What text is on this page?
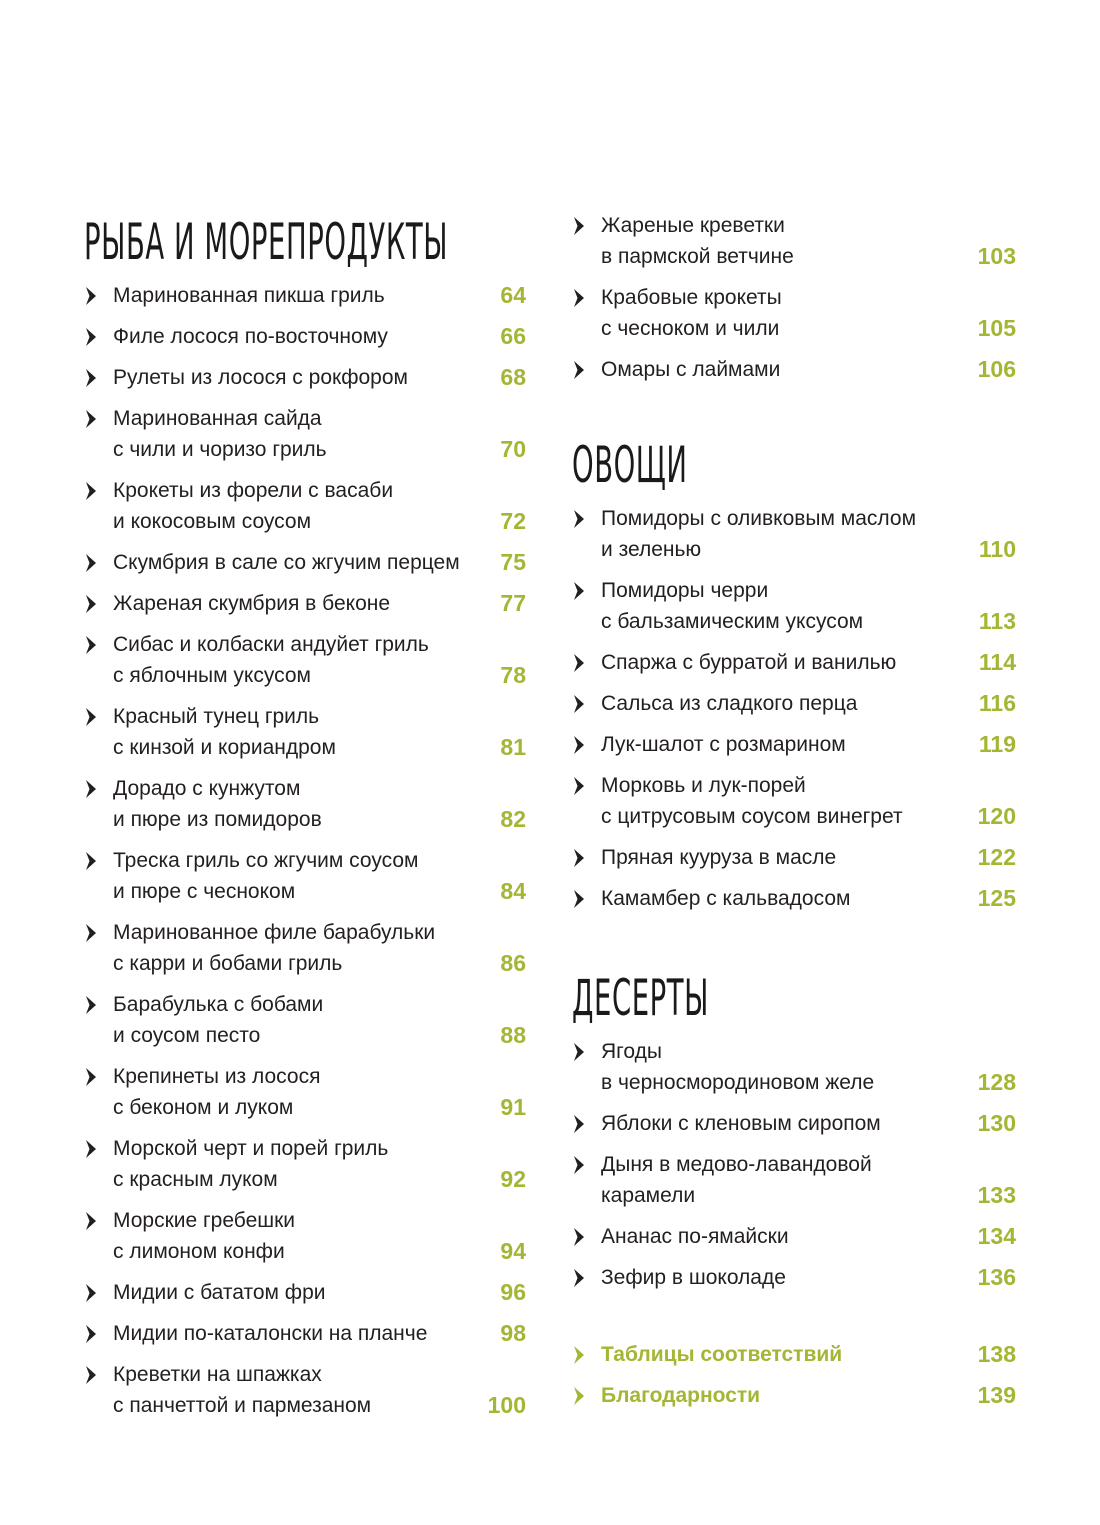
РЫБА И МОРЕПРОДУКТЫ
Маринованная пикша гриль	64
Филе лосося по-восточному	66
Рулеты из лосося с рокфором	68
Маринованная сайда
с чили и чоризо гриль	70
Крокеты из форели с васаби
и кокосовым соусом	72
Скумбрия в сале со жгучим перцем	75
Жареная скумбрия в беконе	77
Сибас и колбаски андуйет гриль
с яблочным уксусом	78
Красный тунец гриль
с кинзой и кориандром	81
Дорадо с кунжутом
и пюре из помидоров	82
Треска гриль со жгучим соусом
и пюре с чесноком	84
Маринованное филе барабульки
с карри и бобами гриль	86
Барабулька с бобами
и соусом песто	88
Крепинеты из лосося
с беконом и луком	91
Морской черт и порей гриль
с красным луком	92
Морские гребешки
с лимоном конфи	94
Мидии с бататом фри	96
Мидии по-каталонски на планче	98
Креветки на шпажках
с панчеттой и пармезаном	100
Жареные креветки
в пармской ветчине	103
Крабовые крокеты
с чесноком и чили	105
Омары с лаймами	106
ОВОЩИ
Помидоры с оливковым маслом
и зеленью	110
Помидоры черри
с бальзамическим уксусом	113
Спаржа с бурратой и ванилью	114
Сальса из сладкого перца	116
Лук-шалот с розмарином	119
Морковь и лук-порей
с цитрусовым соусом винегрет	120
Пряная куурузa в масле	122
Камамбер с кальвадосом	125
ДЕСЕРТЫ
Ягоды
в черносмородиновом желе	128
Яблоки с кленовым сиропом	130
Дыня в медово-лавандовой
карамели	133
Ананас по-ямайски	134
Зефир в шоколаде	136
Таблицы соответствий	138
Благодарности	139
